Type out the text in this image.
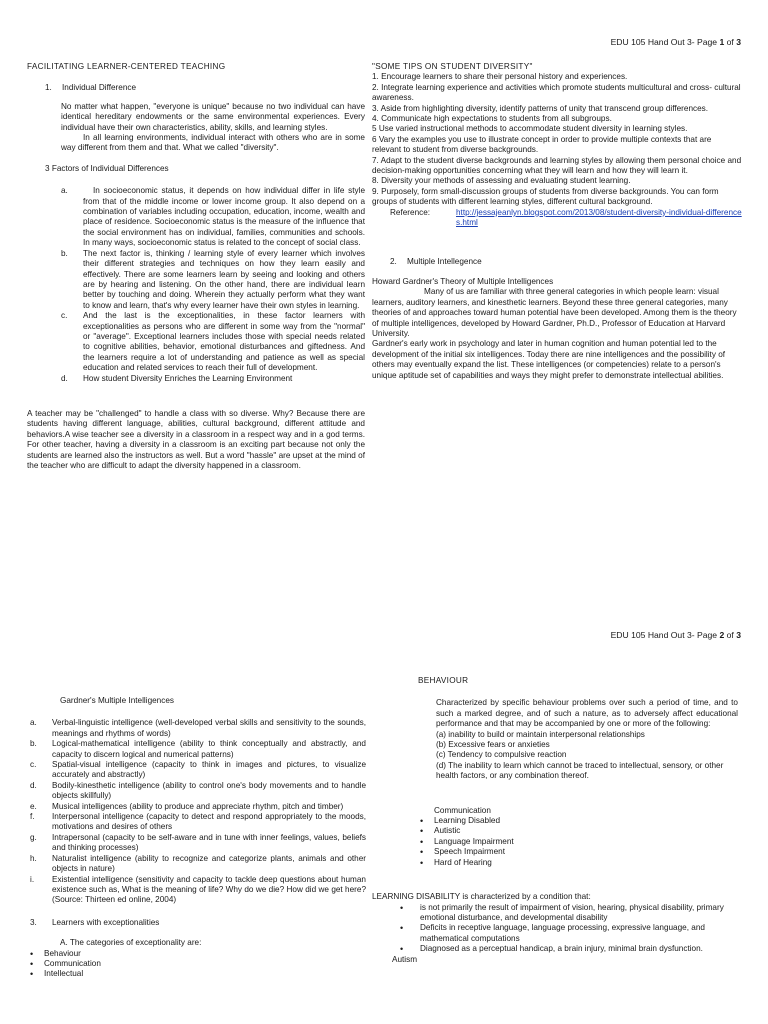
EDU 105 Hand Out 3- Page 1 of 3

FACILITATING LEARNER-CENTERED TEACHING

1. Individual Difference

No matter what happen, "everyone is unique" because no two individual can have identical hereditary endowments or the same environmental experiences. Every individual have their own characteristics, ability, skills, and learning styles.

In all learning environments, individual interact with others who are in some way different from them and that. What we called "diversity".

3 Factors of Individual Differences

a.	In socioeconomic status, it depends on how individual differ in life style from that of the middle income or lower income group. It also depend on a combination of variables including occupation, education, income, wealth and place of residence. Socioeconomic status is the measure of the influence that the social environment has on individual, families, communities and schools. In many ways, socioeconomic status is related to the concept of social class.
b.	The next factor is, thinking / learning style of every learner which involves their different strategies and techniques on how they learn easily and effectively. There are some learners learn by seeing and looking and others are by hearing and listening. On the other hand, there are individual learn better by touching and doing. Wherein they actually perform what they want to know and learn, that's why every learner have their own styles in learning.
c.	And the last is the exceptionalities, in these factor learners with exceptionalities as persons who are different in some way from the "normal" or "average". Exceptional learners includes those with special needs related to cognitive abilities, behavior, emotional disturbances and giftedness. And the learners require a lot of understanding and patience as well as special education and related services to reach their full of development.
d.	How student Diversity Enriches the Learning Environment

A teacher may be "challenged" to handle a class with so diverse. Why? Because there are students having different language, abilities, cultural background, different attitude and behaviors.A wise teacher see a diversity in a classroom in a respect way and in a god terms. For other teacher, having a diversity in a classroom is an exciting part because not only the students are learned also the instructors as well. But a word "hassle" are upset at the mind of the teacher who are difficult to adapt the diversity happened in a classroom.

"SOME TIPS ON STUDENT DIVERSITY"

1. Encourage learners to share their personal history and experiences.

2. Integrate learning experience and activities which promote students multicultural and cross- cultural awareness.

3. Aside from highlighting diversity, identify patterns of unity that transcend group differences.

4. Communicate high expectations to students from all subgroups.

5 Use varied instructional methods to accommodate student diversity in learning styles.

6 Vary the examples you use to illustrate concept in order to provide multiple contexts that are relevant to student from diverse backgrounds.

7. Adapt to the student diverse backgrounds and learning styles by allowing them personal choice and decision-making opportunities concerning what they will learn and how they will learn it.

8. Diversity your methods of assessing and evaluating student learning.

9. Purposely, form small-discussion groups of students from diverse backgrounds. You can form groups of students with different learning styles, different cultural background.

Reference:	http://jessajeanlyn.blogspot.com/2013/08/student-diversity-individual-differences.html

2. Multiple Intellegence

Howard Gardner's Theory of Multiple Intelligences

Many of us are familiar with three general categories in which people learn: visual learners, auditory learners, and kinesthetic learners. Beyond these three general categories, many theories of and approaches toward human potential have been developed. Among them is the theory of multiple intelligences, developed by Howard Gardner, Ph.D., Professor of Education at Harvard University.

Gardner's early work in psychology and later in human cognition and human potential led to the development of the initial six intelligences. Today there are nine intelligences and the possibility of others may eventually expand the list. These intelligences (or competencies) relate to a person's unique aptitude set of capabilities and ways they might prefer to demonstrate intellectual abilities.

EDU 105 Hand Out 3- Page 2 of 3

Gardner's Multiple Intelligences

a.	Verbal-linguistic intelligence (well-developed verbal skills and sensitivity to the sounds, meanings and rhythms of words)
b.	Logical-mathematical intelligence (ability to think conceptually and abstractly, and capacity to discern logical and numerical patterns)
c.	Spatial-visual intelligence (capacity to think in images and pictures, to visualize accurately and abstractly)
d.	Bodily-kinesthetic intelligence (ability to control one's body movements and to handle objects skillfully)
e.	Musical intelligences (ability to produce and appreciate rhythm, pitch and timber)
f.	Interpersonal intelligence (capacity to detect and respond appropriately to the moods, motivations and desires of others
g.	Intrapersonal (capacity to be self-aware and in tune with inner feelings, values, beliefs and thinking processes)
h.	Naturalist intelligence (ability to recognize and categorize plants, animals and other objects in nature)
i.	Existential intelligence (sensitivity and capacity to tackle deep questions about human existence such as, What is the meaning of life? Why do we die? How did we get here? (Source: Thirteen ed online, 2004)

3. Learners with exceptionalities

A. The categories of exceptionality are:

•	Behaviour
•	Communication
•	Intellectual

BEHAVIOUR

Characterized by specific behaviour problems over such a period of time, and to such a marked degree, and of such a nature, as to adversely affect educational performance and that may be accompanied by one or more of the following:

(a) inability to build or maintain interpersonal relationships

(b) Excessive fears or anxieties

(c) Tendency to compulsive reaction

(d) The inability to learn which cannot be traced to intellectual, sensory, or other health factors, or any combination thereof.

Communication

•	Learning Disabled
•	Autistic
•	Language Impairment
•	Speech Impairment
•	Hard of Hearing

LEARNING DISABILITY is characterized by a condition that:

•	is not primarily the result of impairment of vision, hearing, physical disability, primary emotional disturbance, and developmental disability
•	Deficits in receptive language, language processing, expressive language, and mathematical computations
•	Diagnosed as a perceptual handicap, a brain injury, minimal brain dysfunction.

Autism
